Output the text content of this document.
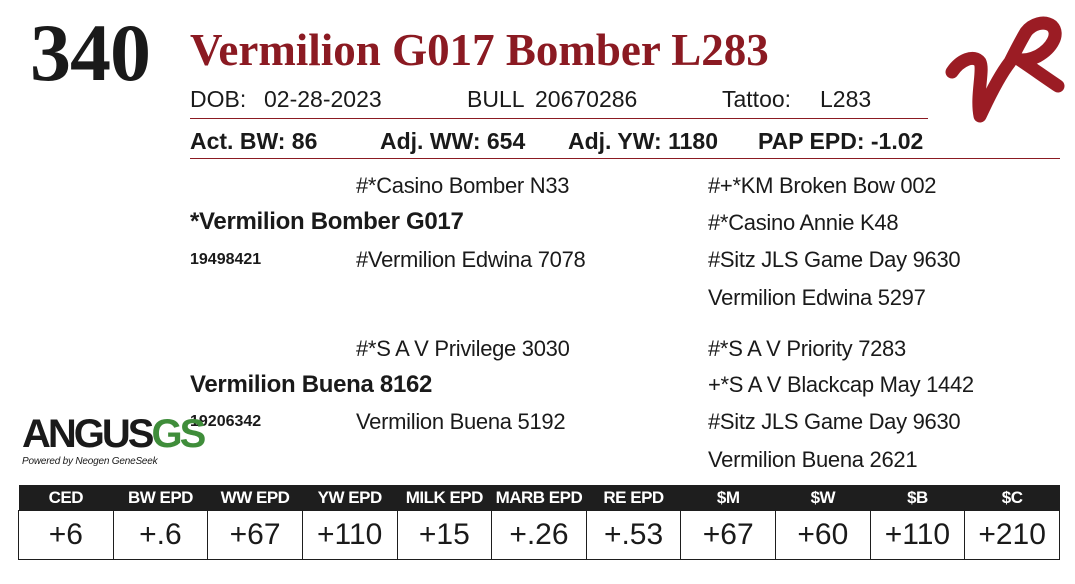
340 Vermilion G017 Bomber L283
DOB: 02-28-2023	BULL 20670286	Tattoo: L283
Act. BW: 86	Adj. WW: 654 Adj. YW: 1180 PAP EPD: -1.02
#*Casino Bomber N33
*Vermilion Bomber G017
19498421	#Vermilion Edwina 7078
#+*KM Broken Bow 002
#*Casino Annie K48
#Sitz JLS Game Day 9630
Vermilion Edwina 5297
#*S A V Privilege 3030
Vermilion Buena 8162
19206342	Vermilion Buena 5192
#*S A V Priority 7283
+*S A V Blackcap May 1442
#Sitz JLS Game Day 9630
Vermilion Buena 2621
ANGUSGS
Powered by Neogen GeneSeek
CED	BW EPD	WW EPD	YW EPD	MILK EPD	MARB EPD	RE EPD	$M	$W	$B	$C
+6	+.6	+67	+110	+15	+.26	+.53	+67	+60	+110	+210
